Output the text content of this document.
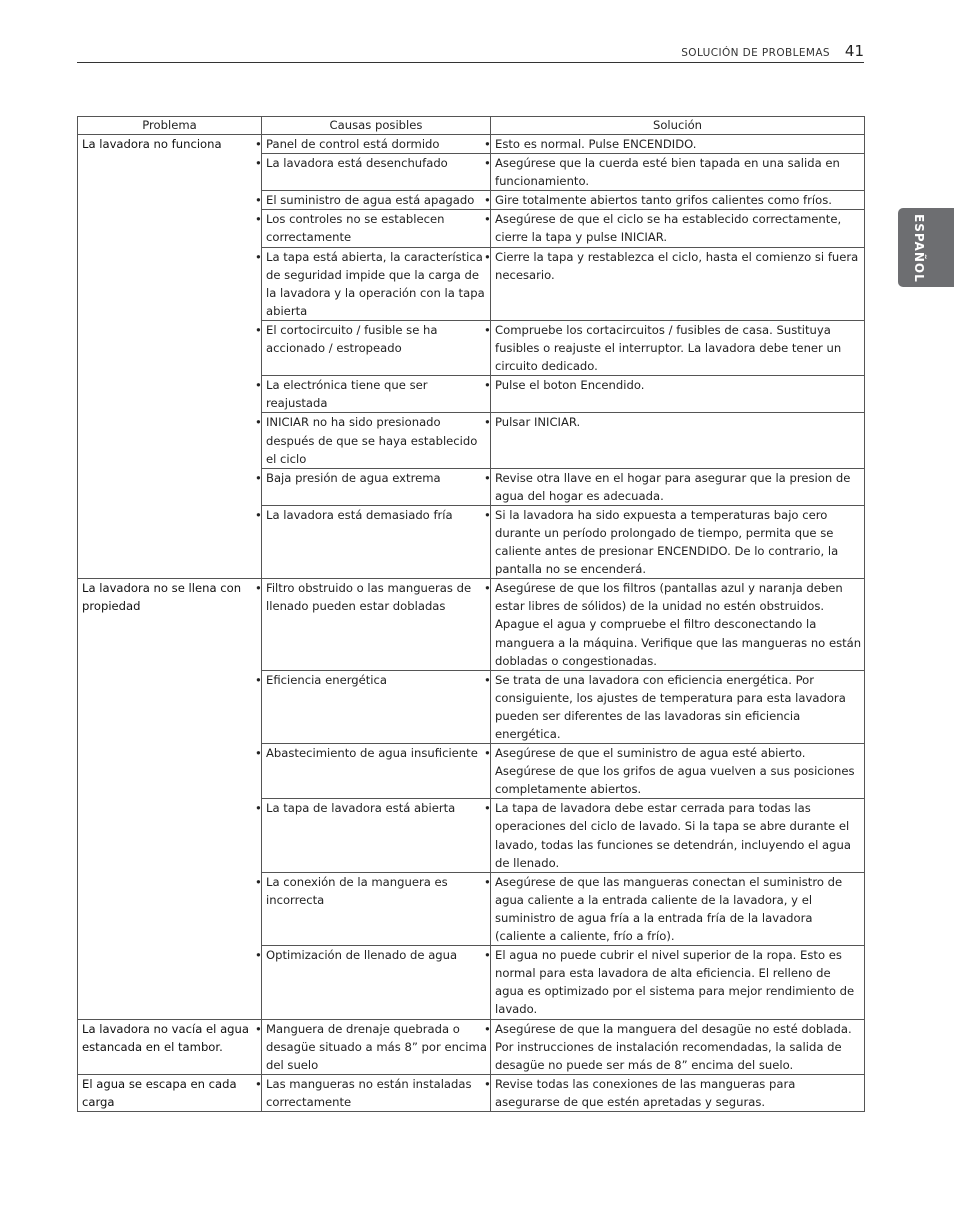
SOLUCIÓN DE PROBLEMAS 41
ESPAÑOL
Problema	Causas posibles	Solución
La lavadora no funciona	• Panel de control está dormido	• Esto es normal. Pulse ENCENDIDO.
	• La lavadora está desenchufado	• Asegúrese que la cuerda esté bien tapada en una salida en funcionamiento.
	• El suministro de agua está apagado	• Gire totalmente abiertos tanto grifos calientes como fríos.
	• Los controles no se establecen correctamente	• Asegúrese de que el ciclo se ha establecido correctamente, cierre la tapa y pulse INICIAR.
	• La tapa está abierta, la característica de seguridad impide que la carga de la lavadora y la operación con la tapa abierta	• Cierre la tapa y restablezca el ciclo, hasta el comienzo si fuera necesario.
	• El cortocircuito / fusible se ha accionado / estropeado	• Compruebe los cortacircuitos / fusibles de casa. Sustituya fusibles o reajuste el interruptor. La lavadora debe tener un circuito dedicado.
	• La electrónica tiene que ser reajustada	• Pulse el boton Encendido.
	• INICIAR no ha sido presionado después de que se haya establecido el ciclo	• Pulsar INICIAR.
	• Baja presión de agua extrema	• Revise otra llave en el hogar para asegurar que la presion de agua del hogar es adecuada.
	• La lavadora está demasiado fría	• Si la lavadora ha sido expuesta a temperaturas bajo cero durante un período prolongado de tiempo, permita que se caliente antes de presionar ENCENDIDO. De lo contrario, la pantalla no se encenderá.
La lavadora no se llena con propiedad	• Filtro obstruido o las mangueras de llenado pueden estar dobladas	• Asegúrese de que los filtros (pantallas azul y naranja deben estar libres de sólidos) de la unidad no estén obstruidos. Apague el agua y compruebe el filtro desconectando la manguera a la máquina. Verifique que las mangueras no están dobladas o congestionadas.
	• Eficiencia energética	• Se trata de una lavadora con eficiencia energética. Por consiguiente, los ajustes de temperatura para esta lavadora pueden ser diferentes de las lavadoras sin eficiencia energética.
	• Abastecimiento de agua insuficiente	• Asegúrese de que el suministro de agua esté abierto. Asegúrese de que los grifos de agua vuelven a sus posiciones completamente abiertos.
	• La tapa de lavadora está abierta	• La tapa de lavadora debe estar cerrada para todas las operaciones del ciclo de lavado. Si la tapa se abre durante el lavado, todas las funciones se detendrán, incluyendo el agua de llenado.
	• La conexión de la manguera es incorrecta	• Asegúrese de que las mangueras conectan el suministro de agua caliente a la entrada caliente de la lavadora, y el suministro de agua fría a la entrada fría de la lavadora (caliente a caliente, frío a frío).
	• Optimización de llenado de agua	• El agua no puede cubrir el nivel superior de la ropa. Esto es normal para esta lavadora de alta eficiencia. El relleno de agua es optimizado por el sistema para mejor rendimiento de lavado.
La lavadora no vacía el agua estancada en el tambor.	• Manguera de drenaje quebrada o desagüe situado a más 8” por encima del suelo	• Asegúrese de que la manguera del desagüe no esté doblada. Por instrucciones de instalación recomendadas, la salida de desagüe no puede ser más de 8” encima del suelo.
El agua se escapa en cada carga	• Las mangueras no están instaladas correctamente	• Revise todas las conexiones de las mangueras para asegurarse de que estén apretadas y seguras.
